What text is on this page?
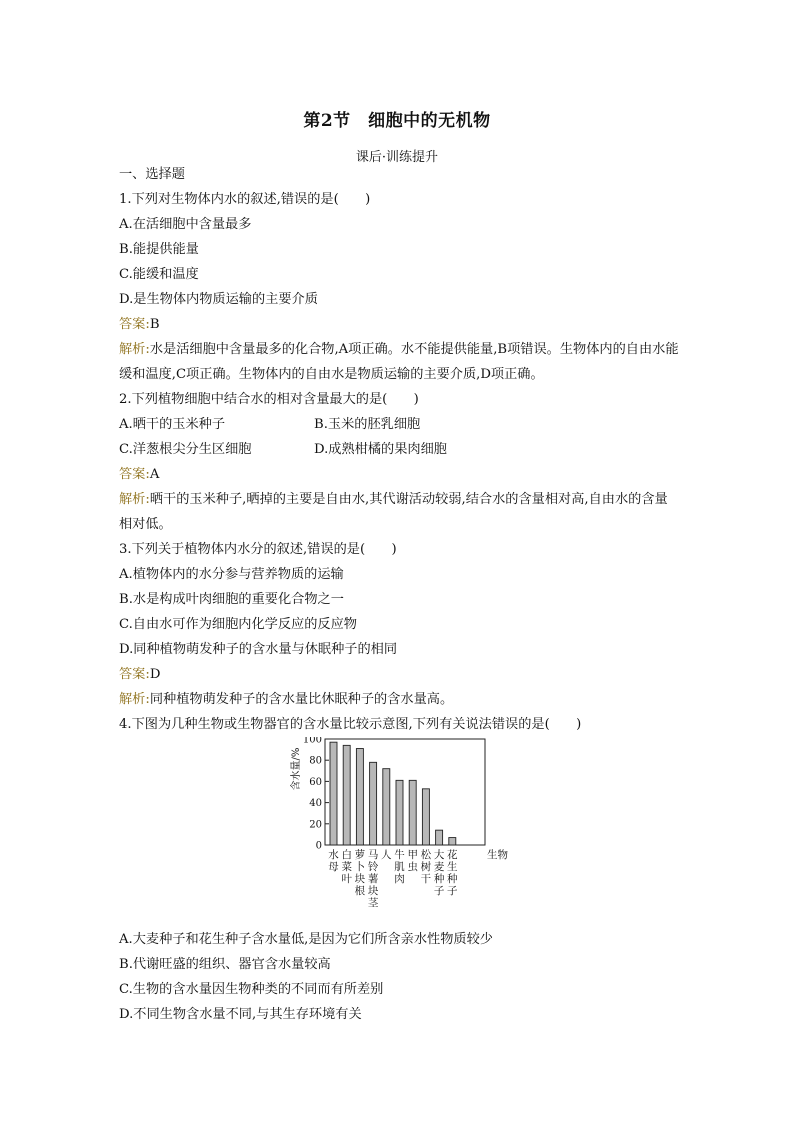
第2节　细胞中的无机物
课后·训练提升
一、选择题
1.下列对生物体内水的叙述,错误的是(　　)
A.在活细胞中含量最多
B.能提供能量
C.能缓和温度
D.是生物体内物质运输的主要介质
答案:B
解析:水是活细胞中含量最多的化合物,A项正确。水不能提供能量,B项错误。生物体内的自由水能缓和温度,C项正确。生物体内的自由水是物质运输的主要介质,D项正确。
2.下列植物细胞中结合水的相对含量最大的是(　　)
A.晒干的玉米种子	B.玉米的胚乳细胞
C.洋葱根尖分生区细胞	D.成熟柑橘的果肉细胞
答案:A
解析:晒干的玉米种子,晒掉的主要是自由水,其代谢活动较弱,结合水的含量相对高,自由水的含量相对低。
3.下列关于植物体内水分的叙述,错误的是(　　)
A.植物体内的水分参与营养物质的运输
B.水是构成叶肉细胞的重要化合物之一
C.自由水可作为细胞内化学反应的反应物
D.同种植物萌发种子的含水量与休眠种子的相同
答案:D
解析:同种植物萌发种子的含水量比休眠种子的含水量高。
4.下图为几种生物或生物器官的含水量比较示意图,下列有关说法错误的是(　　)
0
20
40
60
80
100
含水量/%
水
母
白
菜
叶
萝
卜
块
根
马
铃
薯
块
茎
人 牛
肌
肉
甲
虫
松
树
干
大
麦
种
子
花
生
种
子
生物
A.大麦种子和花生种子含水量低,是因为它们所含亲水性物质较少
B.代谢旺盛的组织、器官含水量较高
C.生物的含水量因生物种类的不同而有所差别
D.不同生物含水量不同,与其生存环境有关
